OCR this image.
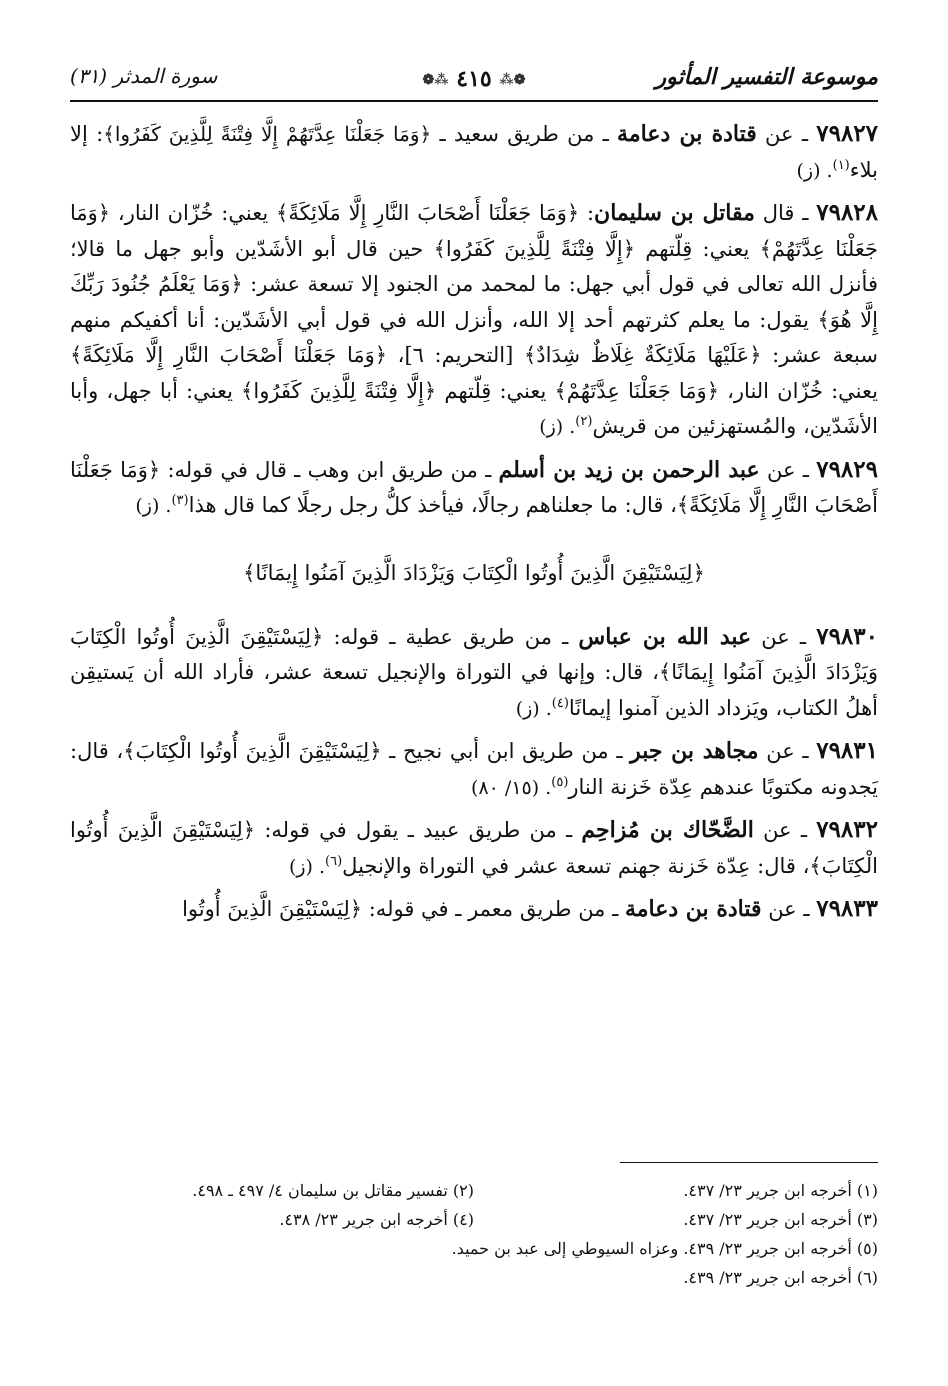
موسوعة التفسير المأثور
❁⁂ ٤١٥ ⁂❁
سورة المدثر (٣١)

٧٩٨٢٧ ـ عن قتادة بن دعامة ـ من طريق سعيد ـ ﴿وَمَا جَعَلْنَا عِدَّتَهُمْ إِلَّا فِتْنَةً لِلَّذِينَ كَفَرُوا﴾: إلا بلاء$^{(١)}$. (ز)

٧٩٨٢٨ ـ قال مقاتل بن سليمان: ﴿وَمَا جَعَلْنَا أَصْحَابَ النَّارِ إِلَّا مَلَائِكَةً﴾ يعني: خُزّان النار، ﴿وَمَا جَعَلْنَا عِدَّتَهُمْ﴾ يعني: قِلّتهم ﴿إِلَّا فِتْنَةً لِلَّذِينَ كَفَرُوا﴾ حين قال أبو الأشَدّين وأبو جهل ما قالا؛ فأنزل الله تعالى في قول أبي جهل: ما لمحمد من الجنود إلا تسعة عشر: ﴿وَمَا يَعْلَمُ جُنُودَ رَبِّكَ إِلَّا هُوَ﴾ يقول: ما يعلم كثرتهم أحد إلا الله، وأنزل الله في قول أبي الأشَدّين: أنا أكفيكم منهم سبعة عشر: ﴿عَلَيْهَا مَلَائِكَةٌ غِلَاظٌ شِدَادٌ﴾ [التحريم: ٦]، ﴿وَمَا جَعَلْنَا أَصْحَابَ النَّارِ إِلَّا مَلَائِكَةً﴾ يعني: خُزّان النار، ﴿وَمَا جَعَلْنَا عِدَّتَهُمْ﴾ يعني: قِلّتهم ﴿إِلَّا فِتْنَةً لِلَّذِينَ كَفَرُوا﴾ يعني: أبا جهل، وأبا الأشَدّين، والمُستهزئين من قريش$^{(٢)}$. (ز)

٧٩٨٢٩ ـ عن عبد الرحمن بن زيد بن أسلم ـ من طريق ابن وهب ـ قال في قوله: ﴿وَمَا جَعَلْنَا أَصْحَابَ النَّارِ إِلَّا مَلَائِكَةً﴾، قال: ما جعلناهم رجالًا، فيأخذ كلُّ رجل رجلًا كما قال هذا$^{(٣)}$. (ز)

﴿لِيَسْتَيْقِنَ الَّذِينَ أُوتُوا الْكِتَابَ وَيَزْدَادَ الَّذِينَ آمَنُوا إِيمَانًا﴾

٧٩٨٣٠ ـ عن عبد الله بن عباس ـ من طريق عطية ـ قوله: ﴿لِيَسْتَيْقِنَ الَّذِينَ أُوتُوا الْكِتَابَ وَيَزْدَادَ الَّذِينَ آمَنُوا إِيمَانًا﴾، قال: وإنها في التوراة والإنجيل تسعة عشر، فأراد الله أن يَستيقِن أهلُ الكتاب، ويَزداد الذين آمنوا إيمانًا$^{(٤)}$. (ز)

٧٩٨٣١ ـ عن مجاهد بن جبر ـ من طريق ابن أبي نجيح ـ ﴿لِيَسْتَيْقِنَ الَّذِينَ أُوتُوا الْكِتَابَ﴾، قال: يَجدونه مكتوبًا عندهم عِدّة خَزنة النار$^{(٥)}$. (١٥/ ٨٠)

٧٩٨٣٢ ـ عن الضَّحّاك بن مُزاحِم ـ من طريق عبيد ـ يقول في قوله: ﴿لِيَسْتَيْقِنَ الَّذِينَ أُوتُوا الْكِتَابَ﴾، قال: عِدّة خَزنة جهنم تسعة عشر في التوراة والإنجيل$^{(٦)}$. (ز)

٧٩٨٣٣ ـ عن قتادة بن دعامة ـ من طريق معمر ـ في قوله: ﴿لِيَسْتَيْقِنَ الَّذِينَ أُوتُوا

(١) أخرجه ابن جرير ٢٣/ ٤٣٧.
(٢) تفسير مقاتل بن سليمان ٤/ ٤٩٧ ـ ٤٩٨.
(٣) أخرجه ابن جرير ٢٣/ ٤٣٧.
(٤) أخرجه ابن جرير ٢٣/ ٤٣٨.
(٥) أخرجه ابن جرير ٢٣/ ٤٣٩. وعزاه السيوطي إلى عبد بن حميد.
(٦) أخرجه ابن جرير ٢٣/ ٤٣٩.
